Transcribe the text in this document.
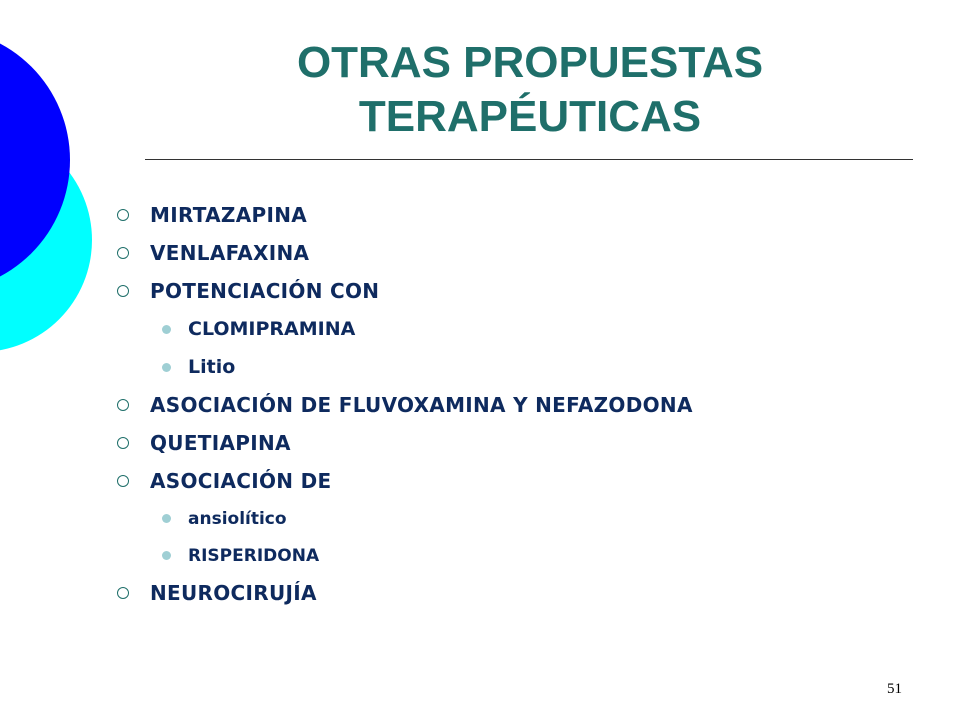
OTRAS PROPUESTAS
TERAPÉUTICAS
MIRTAZAPINA
VENLAFAXINA
POTENCIACIÓN CON
CLOMIPRAMINA
Litio
ASOCIACIÓN DE FLUVOXAMINA Y NEFAZODONA
QUETIAPINA
ASOCIACIÓN DE
ansiolítico
RISPERIDONA
NEUROCIRUJÍA
51
